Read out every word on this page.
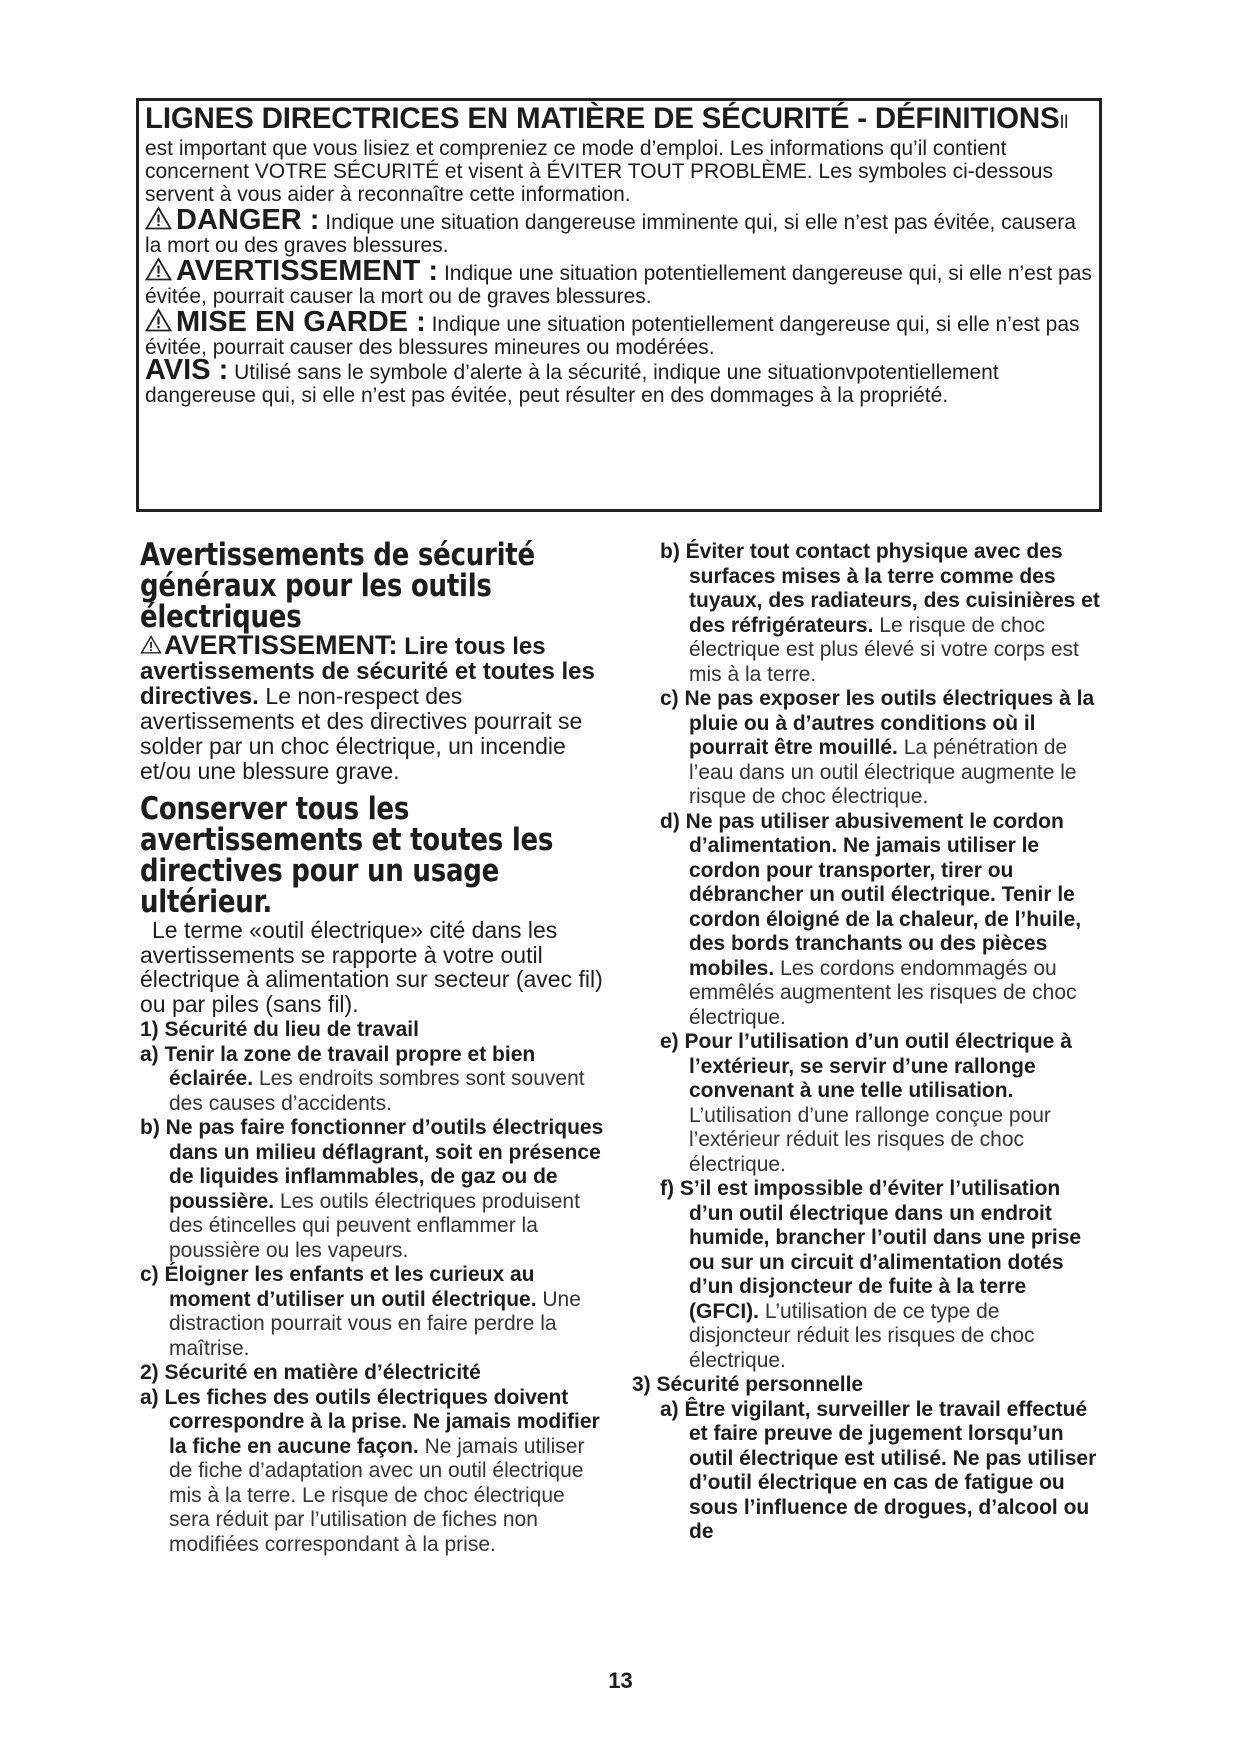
LIGNES DIRECTRICES EN MATIÈRE DE SÉCURITÉ - DÉFINITIONSIl

est important que vous lisiez et compreniez ce mode d’emploi. Les informations qu’il contient concernent VOTRE SÉCURITÉ et visent à ÉVITER TOUT PROBLÈME. Les symboles ci-dessous servent à vous aider à reconnaître cette information.

DANGER : Indique une situation dangereuse imminente qui, si elle n’est pas évitée, causera la mort ou des graves blessures.

AVERTISSEMENT : Indique une situation potentiellement dangereuse qui, si elle n’est pas évitée, pourrait causer la mort ou de graves blessures.

MISE EN GARDE : Indique une situation potentiellement dangereuse qui, si elle n’est pas évitée, pourrait causer des blessures mineures ou modérées.

AVIS : Utilisé sans le symbole d’alerte à la sécurité, indique une situationvpotentiellement dangereuse qui, si elle n’est pas évitée, peut résulter en des dommages à la propriété.

Avertissements de sécurité généraux pour les outils électriques

AVERTISSEMENT: Lire tous les avertissements de sécurité et toutes les directives. Le non-respect des avertissements et des directives pourrait se solder par un choc électrique, un incendie et/ou une blessure grave.

Conserver tous les avertissements et toutes les directives pour un usage ultérieur.

Le terme «outil électrique» cité dans les avertissements se rapporte à votre outil électrique à alimentation sur secteur (avec fil) ou par piles (sans fil).

1) Sécurité du lieu de travail

a) Tenir la zone de travail propre et bien éclairée. Les endroits sombres sont souvent des causes d’accidents.

b) Ne pas faire fonctionner d’outils électriques dans un milieu déflagrant, soit en présence de liquides inflammables, de gaz ou de poussière. Les outils électriques produisent des étincelles qui peuvent enflammer la poussière ou les vapeurs.

c) Éloigner les enfants et les curieux au moment d’utiliser un outil électrique. Une distraction pourrait vous en faire perdre la maîtrise.

2) Sécurité en matière d’électricité

a) Les fiches des outils électriques doivent correspondre à la prise. Ne jamais modifier la fiche en aucune façon. Ne jamais utiliser de fiche d’adaptation avec un outil électrique mis à la terre. Le risque de choc électrique sera réduit par l’utilisation de fiches non modifiées correspondant à la prise.

b) Éviter tout contact physique avec des surfaces mises à la terre comme des tuyaux, des radiateurs, des cuisinières et des réfrigérateurs. Le risque de choc électrique est plus élevé si votre corps est mis à la terre.

c) Ne pas exposer les outils électriques à la pluie ou à d’autres conditions où il pourrait être mouillé. La pénétration de l’eau dans un outil électrique augmente le risque de choc électrique.

d) Ne pas utiliser abusivement le cordon d’alimentation. Ne jamais utiliser le cordon pour transporter, tirer ou débrancher un outil électrique. Tenir le cordon éloigné de la chaleur, de l’huile, des bords tranchants ou des pièces mobiles. Les cordons endommagés ou emmêlés augmentent les risques de choc électrique.

e) Pour l’utilisation d’un outil électrique à l’extérieur, se servir d’une rallonge
convenant à une telle utilisation. L’utilisation d’une rallonge conçue pour l’extérieur réduit les risques de choc électrique.

f) S’il est impossible d’éviter l’utilisation d’un outil électrique dans un endroit humide, brancher l’outil dans une prise ou sur un circuit d’alimentation dotés d’un disjoncteur de fuite à la terre (GFCI). L’utilisation de ce type de disjoncteur réduit les risques de choc électrique.

3) Sécurité personnelle

a) Être vigilant, surveiller le travail effectué et faire preuve de jugement lorsqu’un outil électrique est utilisé. Ne pas utiliser d’outil électrique en cas de fatigue ou sous l’influence de drogues, d’alcool ou de

13
